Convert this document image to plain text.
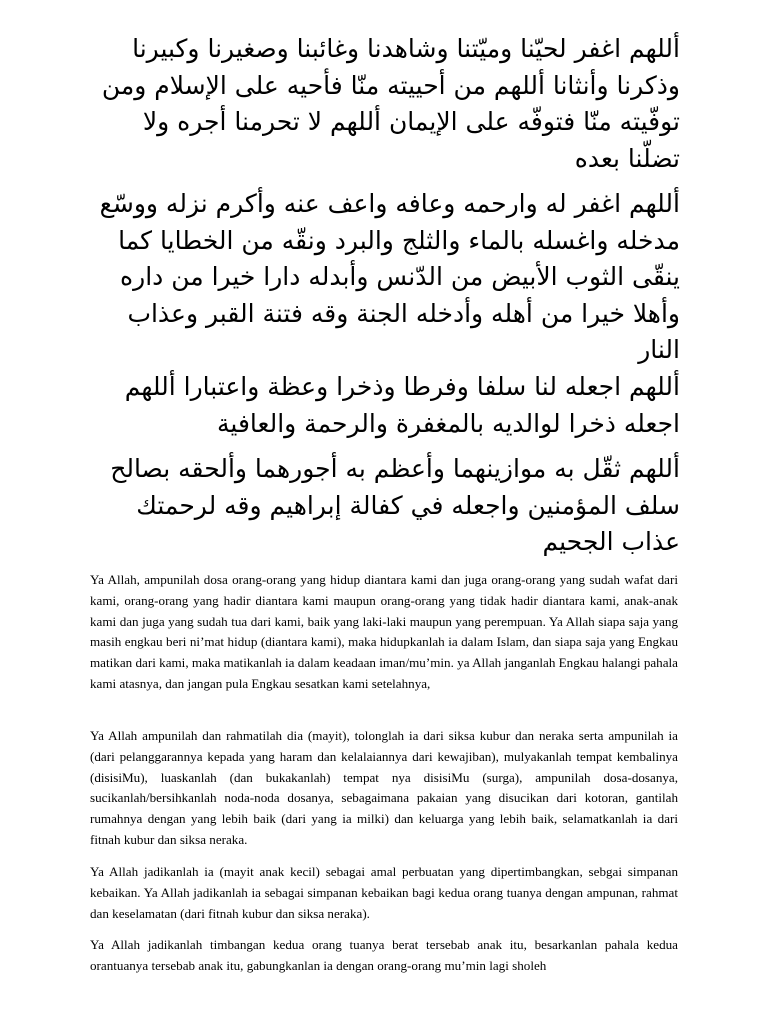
أللهم اغفر لحيّنا وميّتنا وشاهدنا وغائبنا وصغيرنا وكبيرنا وذكرنا وأنثانا أللهم من أحييته منّا فأحيه على الإسلام ومن توفّيته منّا فتوفّه على الإيمان أللهم لا تحرمنا أجره ولا تضلّنا بعده

أللهم اغفر له وارحمه وعافه واعف عنه وأكرم نزله ووسّع مدخله واغسله بالماء والثلج والبرد ونقّه من الخطايا كما ينقّى الثوب الأبيض من الدّنس وأبدله دارا خيرا من داره وأهلا خيرا من أهله وأدخله الجنة وقه فتنة القبر وعذاب النار

أللهم اجعله لنا سلفا وفرطا وذخرا وعظة واعتبارا أللهم اجعله ذخرا لوالديه بالمغفرة والرحمة والعافية

أللهم ثقّل به موازينهما وأعظم به أجورهما وألحقه بصالح سلف المؤمنين واجعله في كفالة إبراهيم وقه لرحمتك عذاب الجحيم

Ya Allah, ampunilah dosa orang-orang yang hidup diantara kami dan juga orang-orang yang sudah wafat dari kami, orang-orang yang hadir diantara kami maupun orang-orang yang tidak hadir diantara kami, anak-anak kami dan juga yang sudah tua dari kami, baik yang laki-laki maupun yang perempuan. Ya Allah siapa saja yang masih engkau beri ni’mat hidup (diantara kami), maka hidupkanlah ia dalam Islam, dan siapa saja yang Engkau matikan dari kami, maka matikanlah ia dalam keadaan iman/mu’min. ya Allah janganlah Engkau halangi pahala kami atasnya, dan jangan pula Engkau sesatkan kami setelahnya,

Ya Allah ampunilah dan rahmatilah dia (mayit), tolonglah ia dari siksa kubur dan neraka serta ampunilah ia (dari pelanggarannya kepada yang haram dan kelalaiannya dari kewajiban), mulyakanlah tempat kembalinya (disisiMu), luaskanlah (dan bukakanlah) tempat nya disisiMu (surga), ampunilah dosa-dosanya, sucikanlah/bersihkanlah noda-noda dosanya, sebagaimana pakaian yang disucikan dari kotoran, gantilah rumahnya dengan yang lebih baik (dari yang ia milki) dan keluarga yang lebih baik, selamatkanlah ia dari fitnah kubur dan siksa neraka.

Ya Allah jadikanlah ia (mayit anak kecil) sebagai amal perbuatan yang dipertimbangkan, sebgai simpanan kebaikan. Ya Allah jadikanlah ia sebagai simpanan kebaikan bagi kedua orang tuanya dengan ampunan, rahmat dan keselamatan (dari fitnah kubur dan siksa neraka).

Ya Allah jadikanlah timbangan kedua orang tuanya berat tersebab anak itu, besarkanlan pahala kedua orantuanya tersebab anak itu, gabungkanlan ia dengan orang-orang mu’min lagi sholeh
